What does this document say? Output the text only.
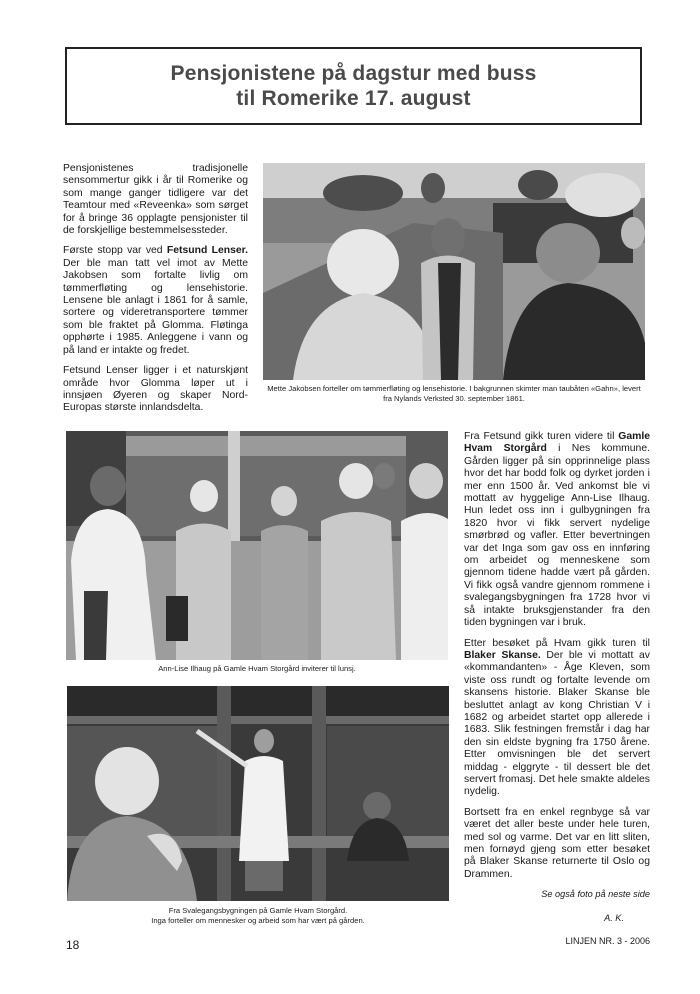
Pensjonistene på dagstur med buss
til Romerike 17. august

Pensjonistenes tradisjonelle sensommertur gikk i år til Romerike og som mange ganger tidligere var det Teamtour med «Reveenka» som sørget for å bringe 36 opplagte pensjonister til de forskjellige bestemmelsessteder.

Første stopp var ved Fetsund Lenser. Der ble man tatt vel imot av Mette Jakobsen som fortalte livlig om tømmerfløting og lensehistorie. Lensene ble anlagt i 1861 for å samle, sortere og videretransportere tømmer som ble fraktet på Glomma. Fløtinga opphørte i 1985. Anleggene i vann og på land er intakte og fredet.

Fetsund Lenser ligger i et naturskjønt område hvor Glomma løper ut i innsjøen Øyeren og skaper Nord-Europas største innlandsdelta.

Mette Jakobsen forteller om tømmerfløting og lensehistorie. I bakgrunnen skimter man taubåten «Gahn», levert fra Nylands Verksted 30. september 1861.
Ann-Lise Ilhaug på Gamle Hvam Storgård inviterer til lunsj.
Fra Svalegangsbygningen på Gamle Hvam Storgård.
Inga forteller om mennesker og arbeid som har vært på gården.

Fra Fetsund gikk turen videre til Gamle Hvam Storgård i Nes kommune. Gården ligger på sin opprinnelige plass hvor det har bodd folk og dyrket jorden i mer enn 1500 år. Ved ankomst ble vi mottatt av hyggelige Ann-Lise Ilhaug. Hun ledet oss inn i gulbygningen fra 1820 hvor vi fikk servert nydelige smørbrød og vafler. Etter bevertningen var det Inga som gav oss en innføring om arbeidet og menneskene som gjennom tidene hadde vært på gården. Vi fikk også vandre gjennom rommene i svalegangsbygningen fra 1728 hvor vi så intakte bruksgjenstander fra den tiden bygningen var i bruk.

Etter besøket på Hvam gikk turen til Blaker Skanse. Der ble vi mottatt av «kommandanten» - Åge Kleven, som viste oss rundt og fortalte levende om skansens historie. Blaker Skanse ble besluttet anlagt av kong Christian V i 1682 og arbeidet startet opp allerede i 1683. Slik festningen fremstår i dag har den sin eldste bygning fra 1750 årene. Etter omvisningen ble det servert middag - elggryte - til dessert ble det servert fromasj. Det hele smakte aldeles nydelig.

Bortsett fra en enkel regnbyge så var været det aller beste under hele turen, med sol og varme. Det var en litt sliten, men fornøyd gjeng som etter besøket på Blaker Skanse returnerte til Oslo og Drammen.

Se også foto på neste side
A. K.
18	LINJEN NR. 3 - 2006
